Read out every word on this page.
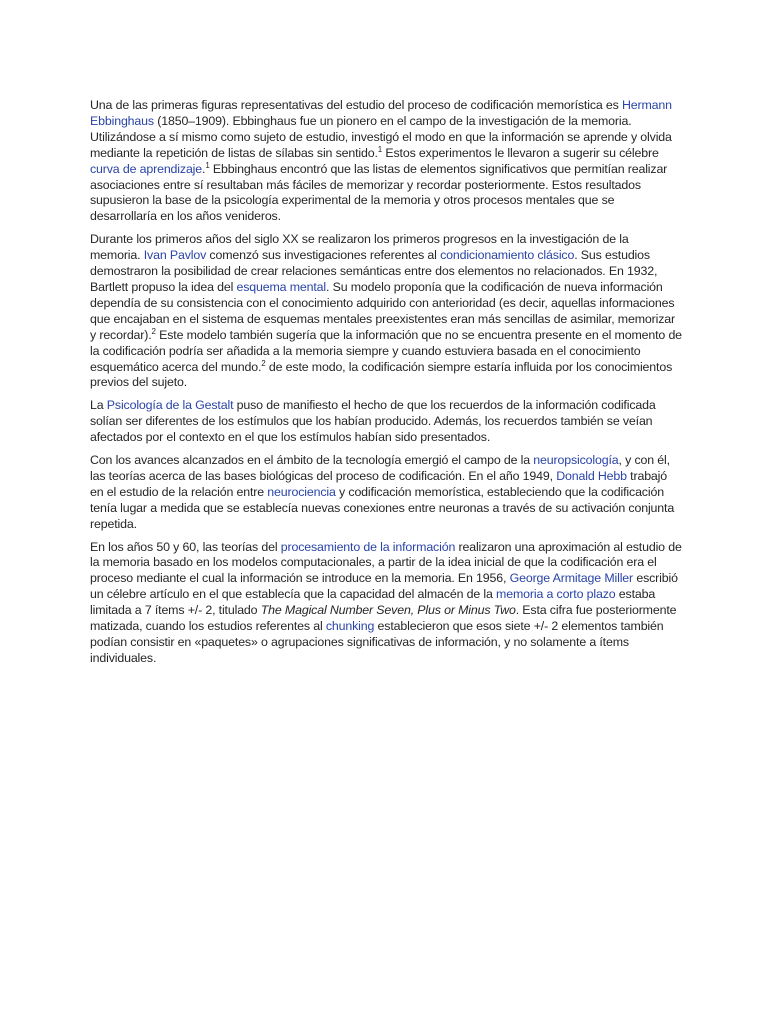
Una de las primeras figuras representativas del estudio del proceso de codificación memorística es Hermann Ebbinghaus (1850–1909). Ebbinghaus fue un pionero en el campo de la investigación de la memoria. Utilizándose a sí mismo como sujeto de estudio, investigó el modo en que la información se aprende y olvida mediante la repetición de listas de sílabas sin sentido.$^1$ Estos experimentos le llevaron a sugerir su célebre curva de aprendizaje.$^1$ Ebbinghaus encontró que las listas de elementos significativos que permitían realizar asociaciones entre sí resultaban más fáciles de memorizar y recordar posteriormente. Estos resultados supusieron la base de la psicología experimental de la memoria y otros procesos mentales que se desarrollaría en los años venideros.

Durante los primeros años del siglo XX se realizaron los primeros progresos en la investigación de la memoria. Ivan Pavlov comenzó sus investigaciones referentes al condicionamiento clásico. Sus estudios demostraron la posibilidad de crear relaciones semánticas entre dos elementos no relacionados. En 1932, Bartlett propuso la idea del esquema mental. Su modelo proponía que la codificación de nueva información dependía de su consistencia con el conocimiento adquirido con anterioridad (es decir, aquellas informaciones que encajaban en el sistema de esquemas mentales preexistentes eran más sencillas de asimilar, memorizar y recordar).$^2$ Este modelo también sugería que la información que no se encuentra presente en el momento de la codificación podría ser añadida a la memoria siempre y cuando estuviera basada en el conocimiento esquemático acerca del mundo.$^2$ de este modo, la codificación siempre estaría influida por los conocimientos previos del sujeto.

La Psicología de la Gestalt puso de manifiesto el hecho de que los recuerdos de la información codificada solían ser diferentes de los estímulos que los habían producido. Además, los recuerdos también se veían afectados por el contexto en el que los estímulos habían sido presentados.

Con los avances alcanzados en el ámbito de la tecnología emergió el campo de la neuropsicología, y con él, las teorías acerca de las bases biológicas del proceso de codificación. En el año 1949, Donald Hebb trabajó en el estudio de la relación entre neurociencia y codificación memorística, estableciendo que la codificación tenía lugar a medida que se establecía nuevas conexiones entre neuronas a través de su activación conjunta repetida.

En los años 50 y 60, las teorías del procesamiento de la información realizaron una aproximación al estudio de la memoria basado en los modelos computacionales, a partir de la idea inicial de que la codificación era el proceso mediante el cual la información se introduce en la memoria. En 1956, George Armitage Miller escribió un célebre artículo en el que establecía que la capacidad del almacén de la memoria a corto plazo estaba limitada a 7 ítems +/- 2, titulado The Magical Number Seven, Plus or Minus Two. Esta cifra fue posteriormente matizada, cuando los estudios referentes al chunking establecieron que esos siete +/- 2 elementos también podían consistir en «paquetes» o agrupaciones significativas de información, y no solamente a ítems individuales.
